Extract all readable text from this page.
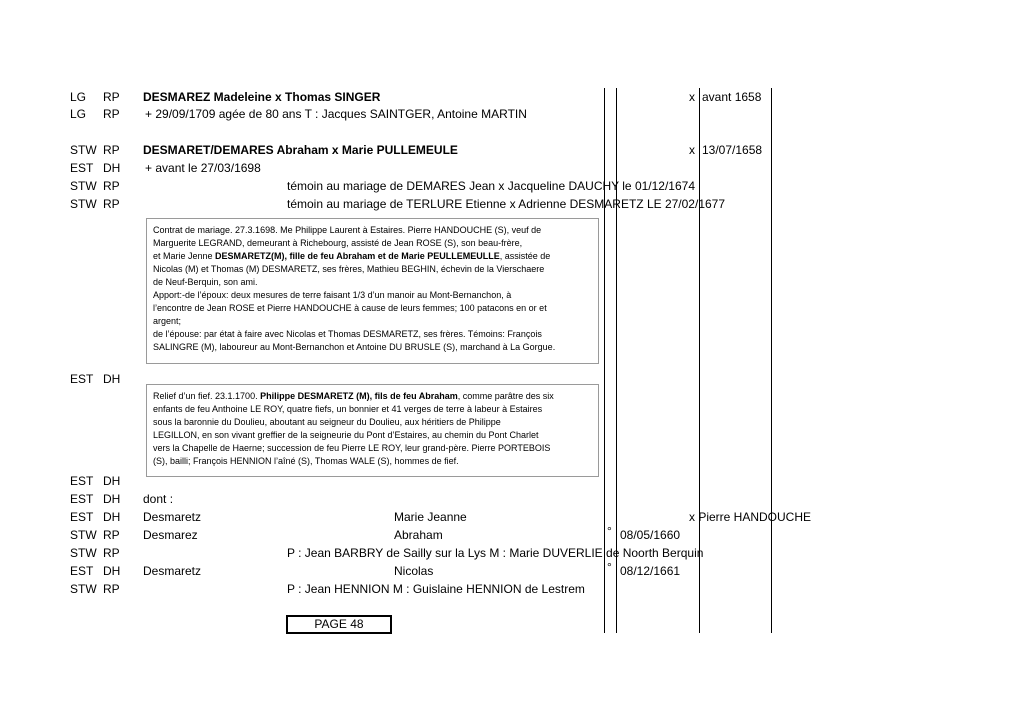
LG RP DESMAREZ Madeleine x Thomas SINGER	x avant 1658
LG RP + 29/09/1709 agée de 80 ans T : Jacques SAINTGER, Antoine MARTIN
STW RP DESMARET/DEMARES Abraham x Marie PULLEMEULE	x 13/07/1658
EST DH + avant le 27/03/1698
STW RP	témoin au mariage de DEMARES Jean x Jacqueline DAUCHY le 01/12/1674
STW RP	témoin au mariage de TERLURE Etienne x Adrienne DESMARETZ LE 27/02/1677

Contrat de mariage. 27.3.1698. Me Philippe Laurent à Estaires. Pierre HANDOUCHE (S), veuf de

Marguerite LEGRAND, demeurant à Richebourg, assisté de Jean ROSE (S), son beau-frère,

et Marie Jenne DESMARETZ(M), fille de feu Abraham et de Marie PEULLEMEULLE, assistée de

Nicolas (M) et Thomas (M) DESMARETZ, ses frères, Mathieu BEGHIN, échevin de la Vierschaere

de Neuf-Berquin, son ami.

Apport:-de l’époux: deux mesures de terre faisant 1/3 d’un manoir au Mont-Bernanchon, à

l’encontre de Jean ROSE et Pierre HANDOUCHE à cause de leurs femmes; 100 patacons en or et

argent;

de l’épouse: par état à faire avec Nicolas et Thomas DESMARETZ, ses frères. Témoins: François

SALINGRE (M), laboureur au Mont-Bernanchon et Antoine DU BRUSLE (S), marchand à La Gorgue.

EST DH

Relief d’un fief. 23.1.1700. Philippe DESMARETZ (M), fils de feu Abraham, comme parâtre des six

enfants de feu Anthoine LE ROY, quatre fiefs, un bonnier et 41 verges de terre à labeur à Estaires

sous la baronnie du Doulieu, aboutant au seigneur du Doulieu, aux héritiers de Philippe

LEGILLON, en son vivant greffier de la seigneurie du Pont d’Estaires, au chemin du Pont Charlet

vers la Chapelle de Haerne; succession de feu Pierre LE ROY, leur grand-père. Pierre PORTEBOIS

(S), bailli; François HENNION l’aîné (S), Thomas WALE (S), hommes de fief.

EST DH
EST DH dont :
EST DH Desmaretz	Marie Jeanne	x Pierre HANDOUCHE
STW RP Desmarez	Abraham	° 08/05/1660
STW RP	P : Jean BARBRY de Sailly sur la Lys M : Marie DUVERLIE de Noorth Berquin
EST DH Desmaretz	Nicolas	° 08/12/1661
STW RP	P : Jean HENNION M : Guislaine HENNION de Lestrem
PAGE 48
